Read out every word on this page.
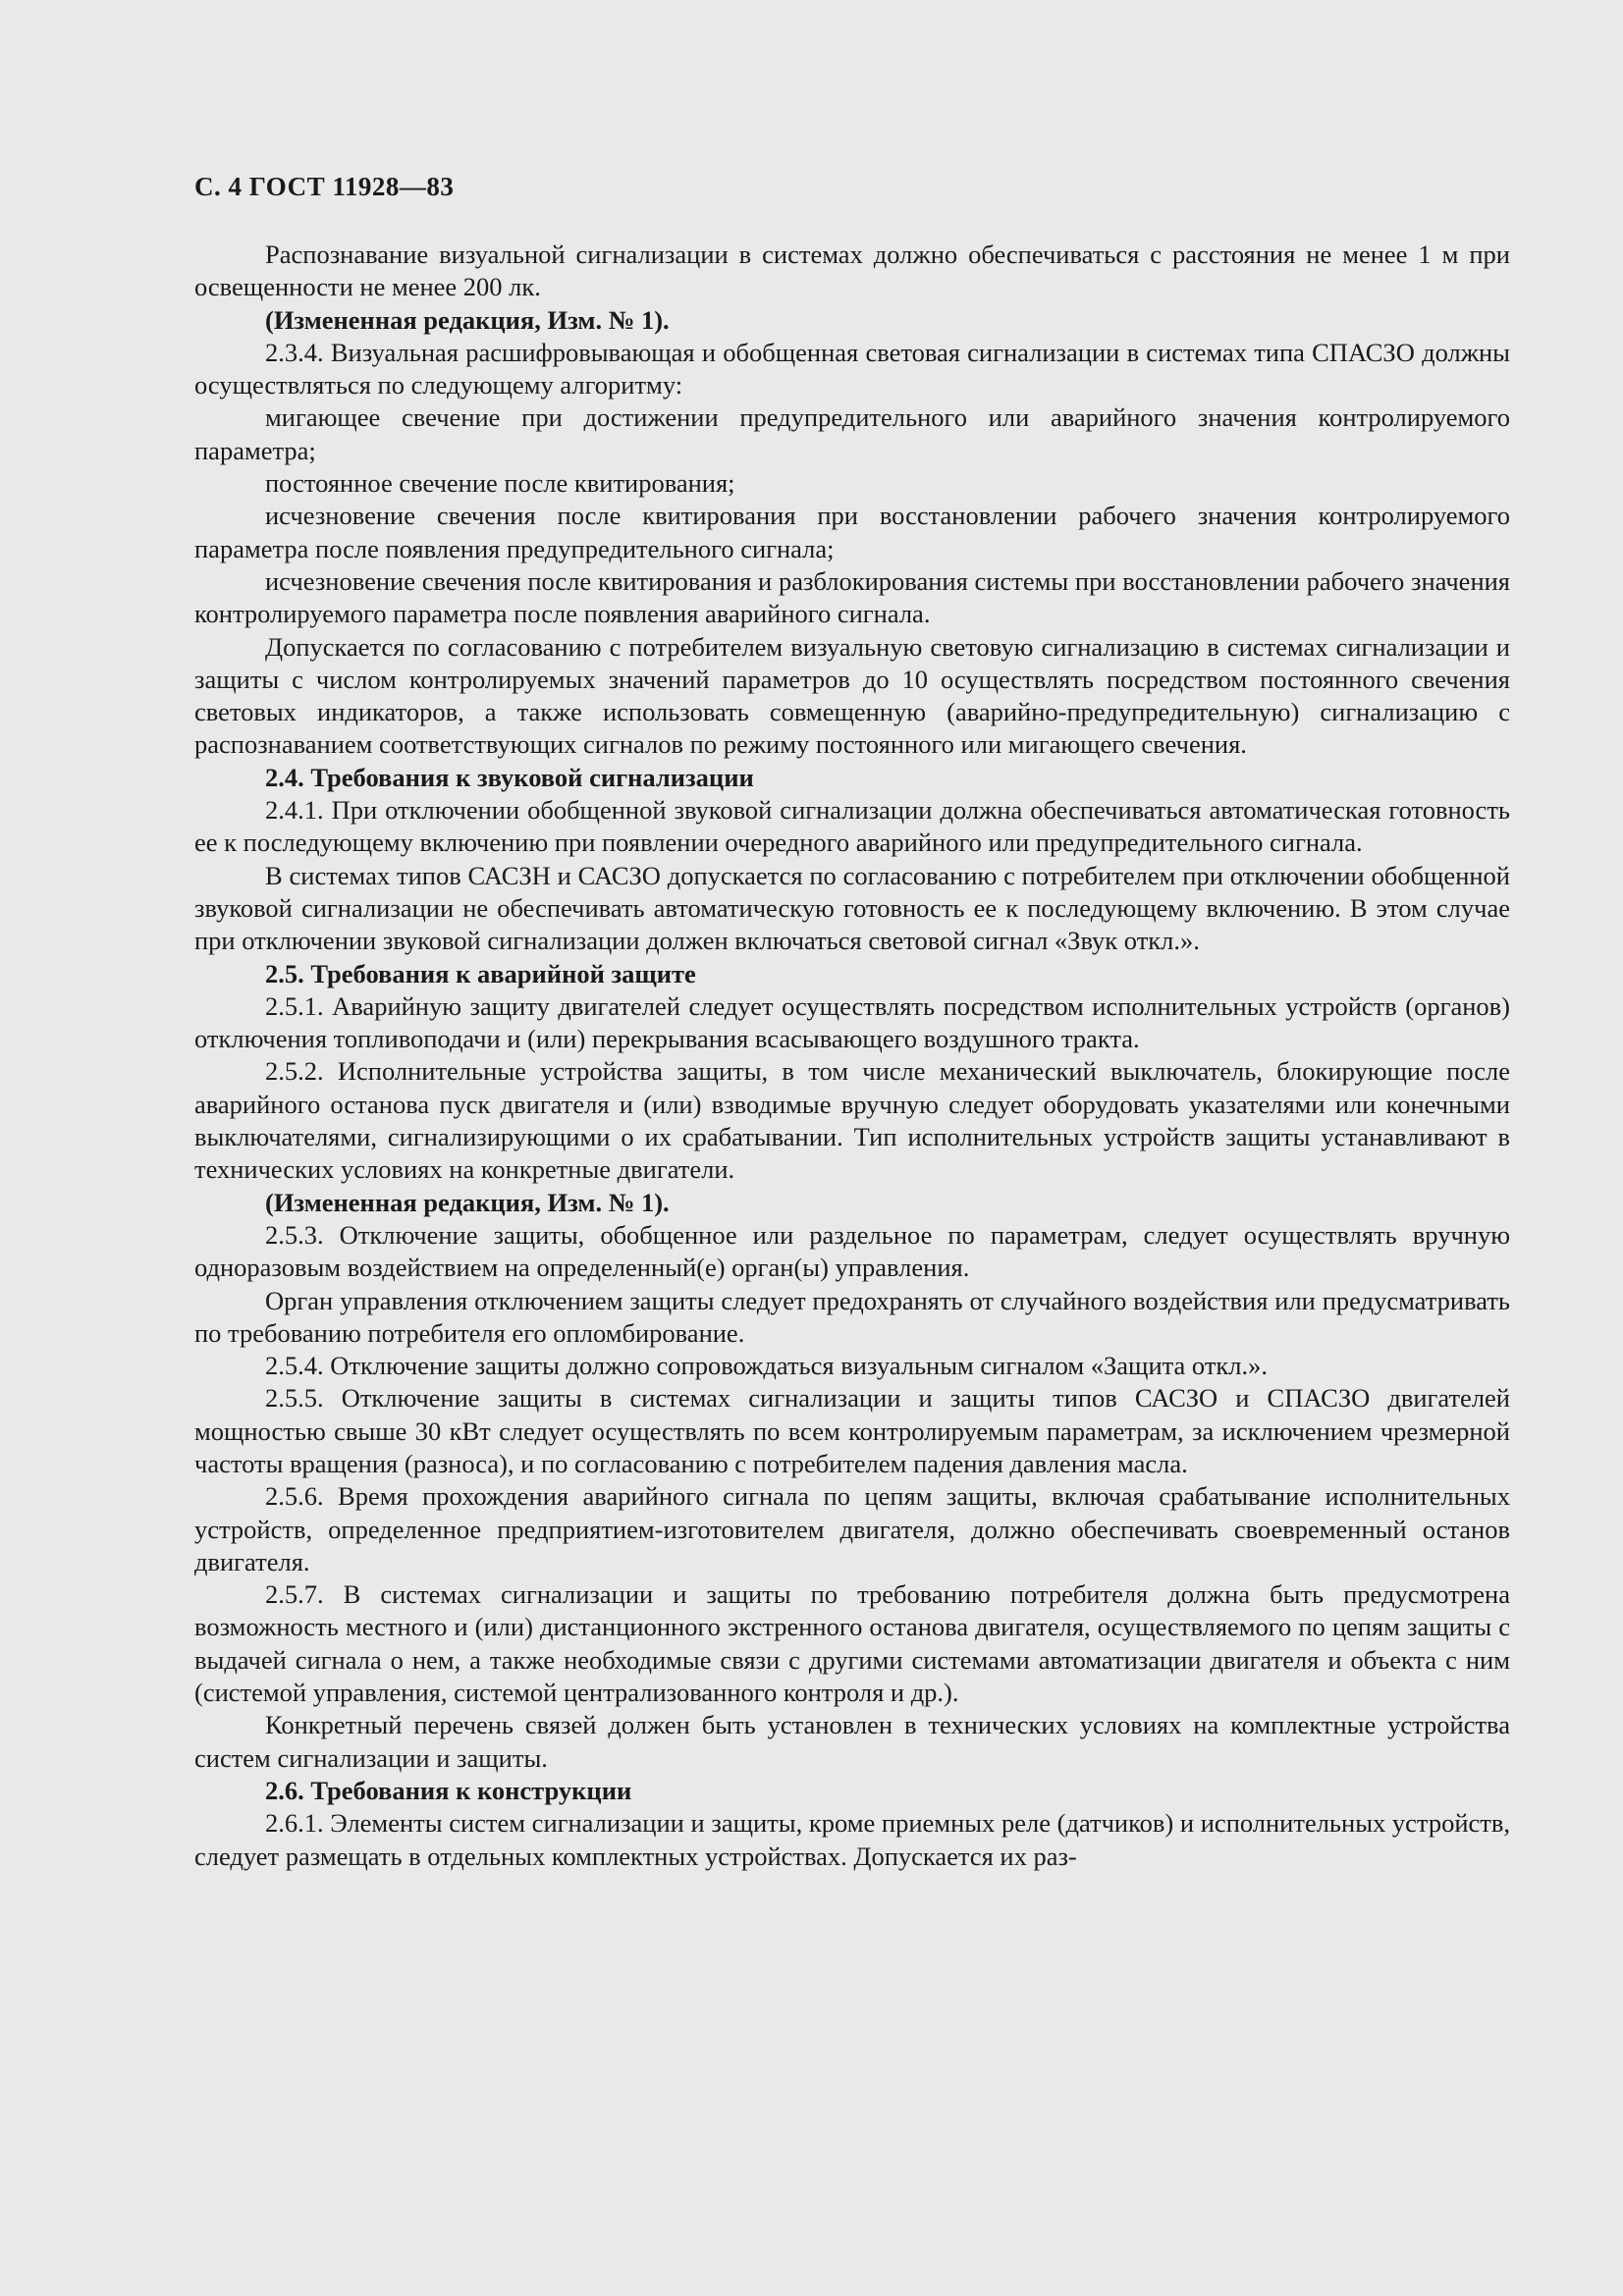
С. 4 ГОСТ 11928—83

Распознавание визуальной сигнализации в системах должно обеспечиваться с расстояния не менее 1 м при освещенности не менее 200 лк.

(Измененная редакция, Изм. № 1).

2.3.4. Визуальная расшифровывающая и обобщенная световая сигнализации в системах типа СПАСЗО должны осуществляться по следующему алгоритму:

мигающее свечение при достижении предупредительного или аварийного значения контролируемого параметра;

постоянное свечение после квитирования;

исчезновение свечения после квитирования при восстановлении рабочего значения контролируемого параметра после появления предупредительного сигнала;

исчезновение свечения после квитирования и разблокирования системы при восстановлении рабочего значения контролируемого параметра после появления аварийного сигнала.

Допускается по согласованию с потребителем визуальную световую сигнализацию в системах сигнализации и защиты с числом контролируемых значений параметров до 10 осуществлять посредством постоянного свечения световых индикаторов, а также использовать совмещенную (аварийно-предупредительную) сигнализацию с распознаванием соответствующих сигналов по режиму постоянного или мигающего свечения.

2.4. Требования к звуковой сигнализации

2.4.1. При отключении обобщенной звуковой сигнализации должна обеспечиваться автоматическая готовность ее к последующему включению при появлении очередного аварийного или предупредительного сигнала.

В системах типов САСЗН и САСЗО допускается по согласованию с потребителем при отключении обобщенной звуковой сигнализации не обеспечивать автоматическую готовность ее к последующему включению. В этом случае при отключении звуковой сигнализации должен включаться световой сигнал «Звук откл.».

2.5. Требования к аварийной защите

2.5.1. Аварийную защиту двигателей следует осуществлять посредством исполнительных устройств (органов) отключения топливоподачи и (или) перекрывания всасывающего воздушного тракта.

2.5.2. Исполнительные устройства защиты, в том числе механический выключатель, блокирующие после аварийного останова пуск двигателя и (или) взводимые вручную следует оборудовать указателями или конечными выключателями, сигнализирующими о их срабатывании. Тип исполнительных устройств защиты устанавливают в технических условиях на конкретные двигатели.

(Измененная редакция, Изм. № 1).

2.5.3. Отключение защиты, обобщенное или раздельное по параметрам, следует осуществлять вручную одноразовым воздействием на определенный(е) орган(ы) управления.

Орган управления отключением защиты следует предохранять от случайного воздействия или предусматривать по требованию потребителя его опломбирование.

2.5.4. Отключение защиты должно сопровождаться визуальным сигналом «Защита откл.».

2.5.5. Отключение защиты в системах сигнализации и защиты типов САСЗО и СПАСЗО двигателей мощностью свыше 30 кВт следует осуществлять по всем контролируемым параметрам, за исключением чрезмерной частоты вращения (разноса), и по согласованию с потребителем падения давления масла.

2.5.6. Время прохождения аварийного сигнала по цепям защиты, включая срабатывание исполнительных устройств, определенное предприятием-изготовителем двигателя, должно обеспечивать своевременный останов двигателя.

2.5.7. В системах сигнализации и защиты по требованию потребителя должна быть предусмотрена возможность местного и (или) дистанционного экстренного останова двигателя, осуществляемого по цепям защиты с выдачей сигнала о нем, а также необходимые связи с другими системами автоматизации двигателя и объекта с ним (системой управления, системой централизованного контроля и др.).

Конкретный перечень связей должен быть установлен в технических условиях на комплектные устройства систем сигнализации и защиты.

2.6. Требования к конструкции

2.6.1. Элементы систем сигнализации и защиты, кроме приемных реле (датчиков) и исполнительных устройств, следует размещать в отдельных комплектных устройствах. Допускается их раз-
